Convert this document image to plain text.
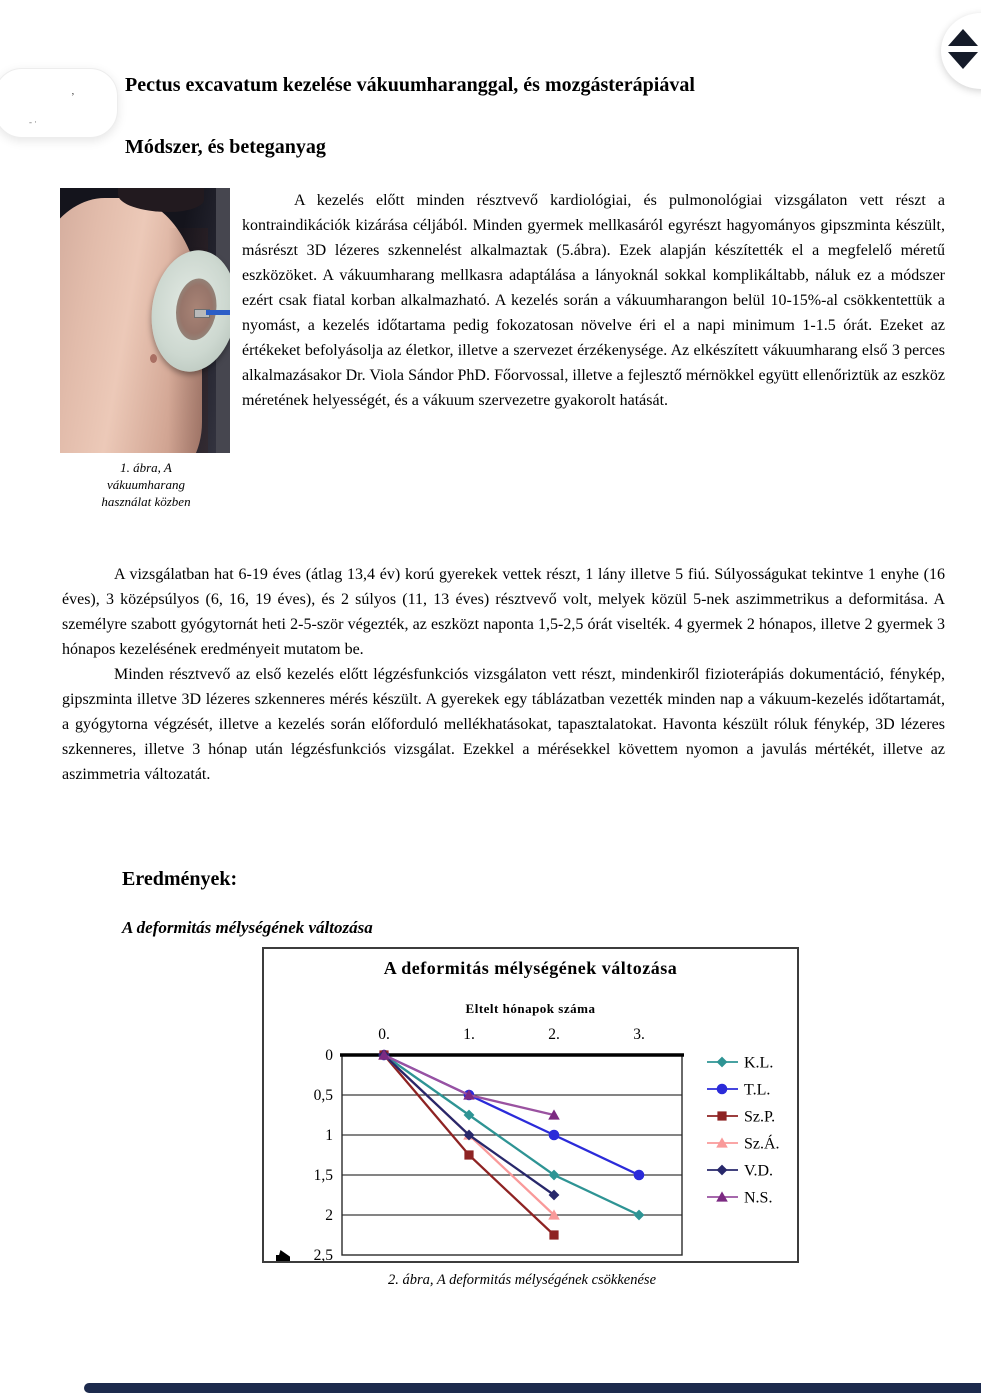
’
-·
Pectus excavatum kezelése vákuumharanggal, és mozgásterápiával
Módszer, és beteganyag
1. ábra, A
vákuumharang
használat közben

A kezelés előtt minden résztvevő kardiológiai, és pulmonológiai vizsgálaton vett részt a kontraindikációk kizárása céljából. Minden gyermek mellkasáról egyrészt hagyományos gipszminta készült, másrészt 3D lézeres szkennelést alkalmaztak (5.ábra). Ezek alapján készítették el a megfelelő méretű eszközöket. A vákuumharang mellkasra adaptálása a lányoknál sokkal komplikáltabb, náluk ez a módszer ezért csak fiatal korban alkalmazható. A kezelés során a vákuumharangon belül 10-15%-al csökkentettük a nyomást, a kezelés időtartama pedig fokozatosan növelve éri el a napi minimum 1-1.5 órát. Ezeket az értékeket befolyásolja az életkor, illetve a szervezet érzékenysége. Az elkészített vákuumharang első 3 perces alkalmazásakor Dr. Viola Sándor PhD. Főorvossal, illetve a fejlesztő mérnökkel együtt ellenőriztük az eszköz méretének helyességét, és a vákuum szervezetre gyakorolt hatását.

A vizsgálatban hat 6-19 éves (átlag 13,4 év) korú gyerekek vettek részt, 1 lány illetve 5 fiú. Súlyosságukat tekintve 1 enyhe (16 éves), 3 középsúlyos (6, 16, 19 éves), és 2 súlyos (11, 13 éves) résztvevő volt, melyek közül 5-nek aszimmetrikus a deformitása. A személyre szabott gyógytornát heti 2-5-ször végezték, az eszközt naponta 1,5-2,5 órát viselték. 4 gyermek 2 hónapos, illetve 2 gyermek 3 hónapos kezelésének eredményeit mutatom be.

Minden résztvevő az első kezelés előtt légzésfunkciós vizsgálaton vett részt, mindenkiről fizioterápiás dokumentáció, fénykép, gipszminta illetve 3D lézeres szkenneres mérés készült. A gyerekek egy táblázatban vezették minden nap a vákuum-kezelés időtartamát, a gyógytorna végzését, illetve a kezelés során előforduló mellékhatásokat, tapasztalatokat. Havonta készült róluk fénykép, 3D lézeres szkenneres, illetve 3 hónap után légzésfunkciós vizsgálat. Ezekkel a mérésekkel követtem nyomon a javulás mértékét, illetve az aszimmetria változatát.

Eredmények:
A deformitás mélységének változása
A deformitás mélységének változása
Eltelt hónapok száma
0
0,5
1
1,5
2
2,5
0.	1.	2.	3.
K.L.
T.L.
Sz.P.
Sz.Á.
V.D.
N.S.
2. ábra, A deformitás mélységének csökkenése
